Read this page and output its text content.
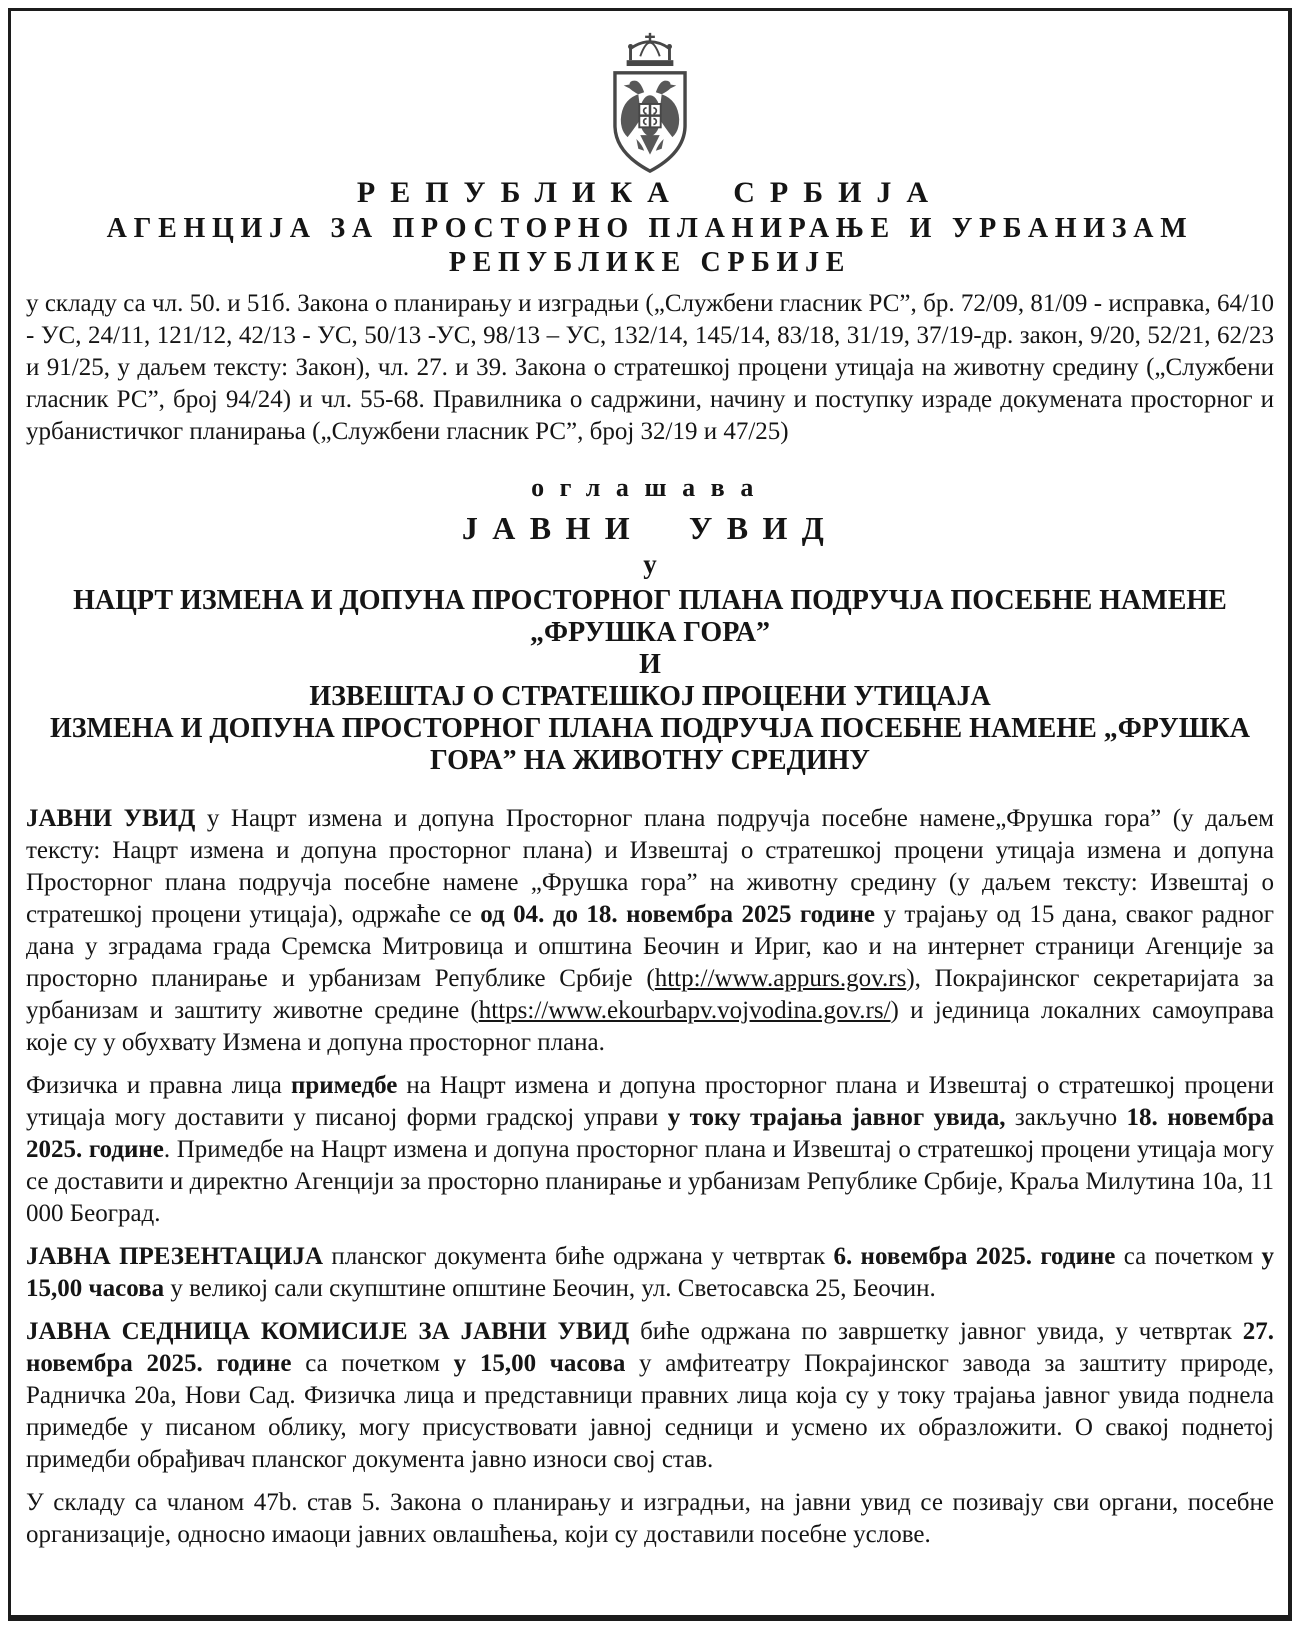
РЕПУБЛИКА СРБИЈА
АГЕНЦИЈА ЗА ПРОСТОРНО ПЛАНИРАЊЕ И УРБАНИЗАМ
РЕПУБЛИКЕ СРБИЈЕ

у складу са чл. 50. и 51б. Закона о планирању и изградњи („Службени гласник РС”, бр. 72/09, 81/09 - исправка, 64/10 - УС, 24/11, 121/12, 42/13 - УС, 50/13 -УС, 98/13 – УС, 132/14, 145/14, 83/18, 31/19, 37/19-др. закон, 9/20, 52/21, 62/23 и 91/25, у даљем тексту: Закон), чл. 27. и 39. Закона о стратешкој процени утицаја на животну средину („Службени гласник РС”, број 94/24) и чл. 55-68. Правилника о садржини, начину и поступку израде докумената просторног и урбанистичког планирања („Службени гласник РС”, број 32/19 и 47/25)

оглашава
ЈАВНИ УВИД
у
НАЦРТ ИЗМЕНА И ДОПУНА ПРОСТОРНОГ ПЛАНА ПОДРУЧЈА ПОСЕБНЕ НАМЕНЕ
„ФРУШКА ГОРА”
И
ИЗВЕШТАЈ О СТРАТЕШКОЈ ПРОЦЕНИ УТИЦАЈА
ИЗМЕНА И ДОПУНА ПРОСТОРНОГ ПЛАНА ПОДРУЧЈА ПОСЕБНЕ НАМЕНЕ „ФРУШКА ГОРА” НА ЖИВОТНУ СРЕДИНУ

ЈАВНИ УВИД у Нацрт измена и допуна Просторног плана подручја посебне намене„Фрушка гора” (у даљем тексту: Нацрт измена и допуна просторног плана) и Извештај о стратешкој процени утицаја измена и допуна Просторног плана подручја посебне намене „Фрушка гора” на животну средину (у даљем тексту: Извештај о стратешкој процени утицаја), одржаће се од 04. до 18. новембра 2025 године у трајању од 15 дана, сваког радног дана у зградама града Сремска Митровица и општина Беочин и Ириг, као и на интернет страници Агенције за просторно планирање и урбанизам Републике Србије (http://www.appurs.gov.rs), Покрајинског секретаријата за урбанизам и заштиту животне средине (https://www.ekourbapv.vojvodina.gov.rs/) и јединица локалних самоуправа које су у обухвату Измена и допуна просторног плана.

Физичка и правна лица примедбе на Нацрт измена и допуна просторног плана и Извештај о стратешкој процени утицаја могу доставити у писаној форми градској управи у току трајања јавног увида, закључно 18. новембра 2025. године. Примедбе на Нацрт измена и допуна просторног плана и Извештај о стратешкој процени утицаја могу се доставити и директно Агенцији за просторно планирање и урбанизам Републике Србије, Краља Милутина 10а, 11 000 Београд.

ЈАВНА ПРЕЗЕНТАЦИЈА планског документа биће одржана у четвртак 6. новембра 2025. године са почетком у 15,00 часова у великој сали скупштине општине Беочин, ул. Светосавска 25, Беочин.

ЈАВНА СЕДНИЦА КОМИСИЈЕ ЗА ЈАВНИ УВИД биће одржана по завршетку јавног увида, у четвртак 27. новембра 2025. године са почетком у 15,00 часова у амфитеатру Покрајинског завода за заштиту природе, Радничка 20а, Нови Сад. Физичка лица и представници правних лица која су у току трајања јавног увида поднела примедбе у писаном облику, могу присуствовати јавној седници и усмено их образложити. О свакој поднетој примедби обрађивач планског документа јавно износи свој став.

У складу са чланом 47b. став 5. Закона о планирању и изградњи, на јавни увид се позивају сви органи, посебне организације, односно имаоци јавних овлашћења, који су доставили посебне услове.
